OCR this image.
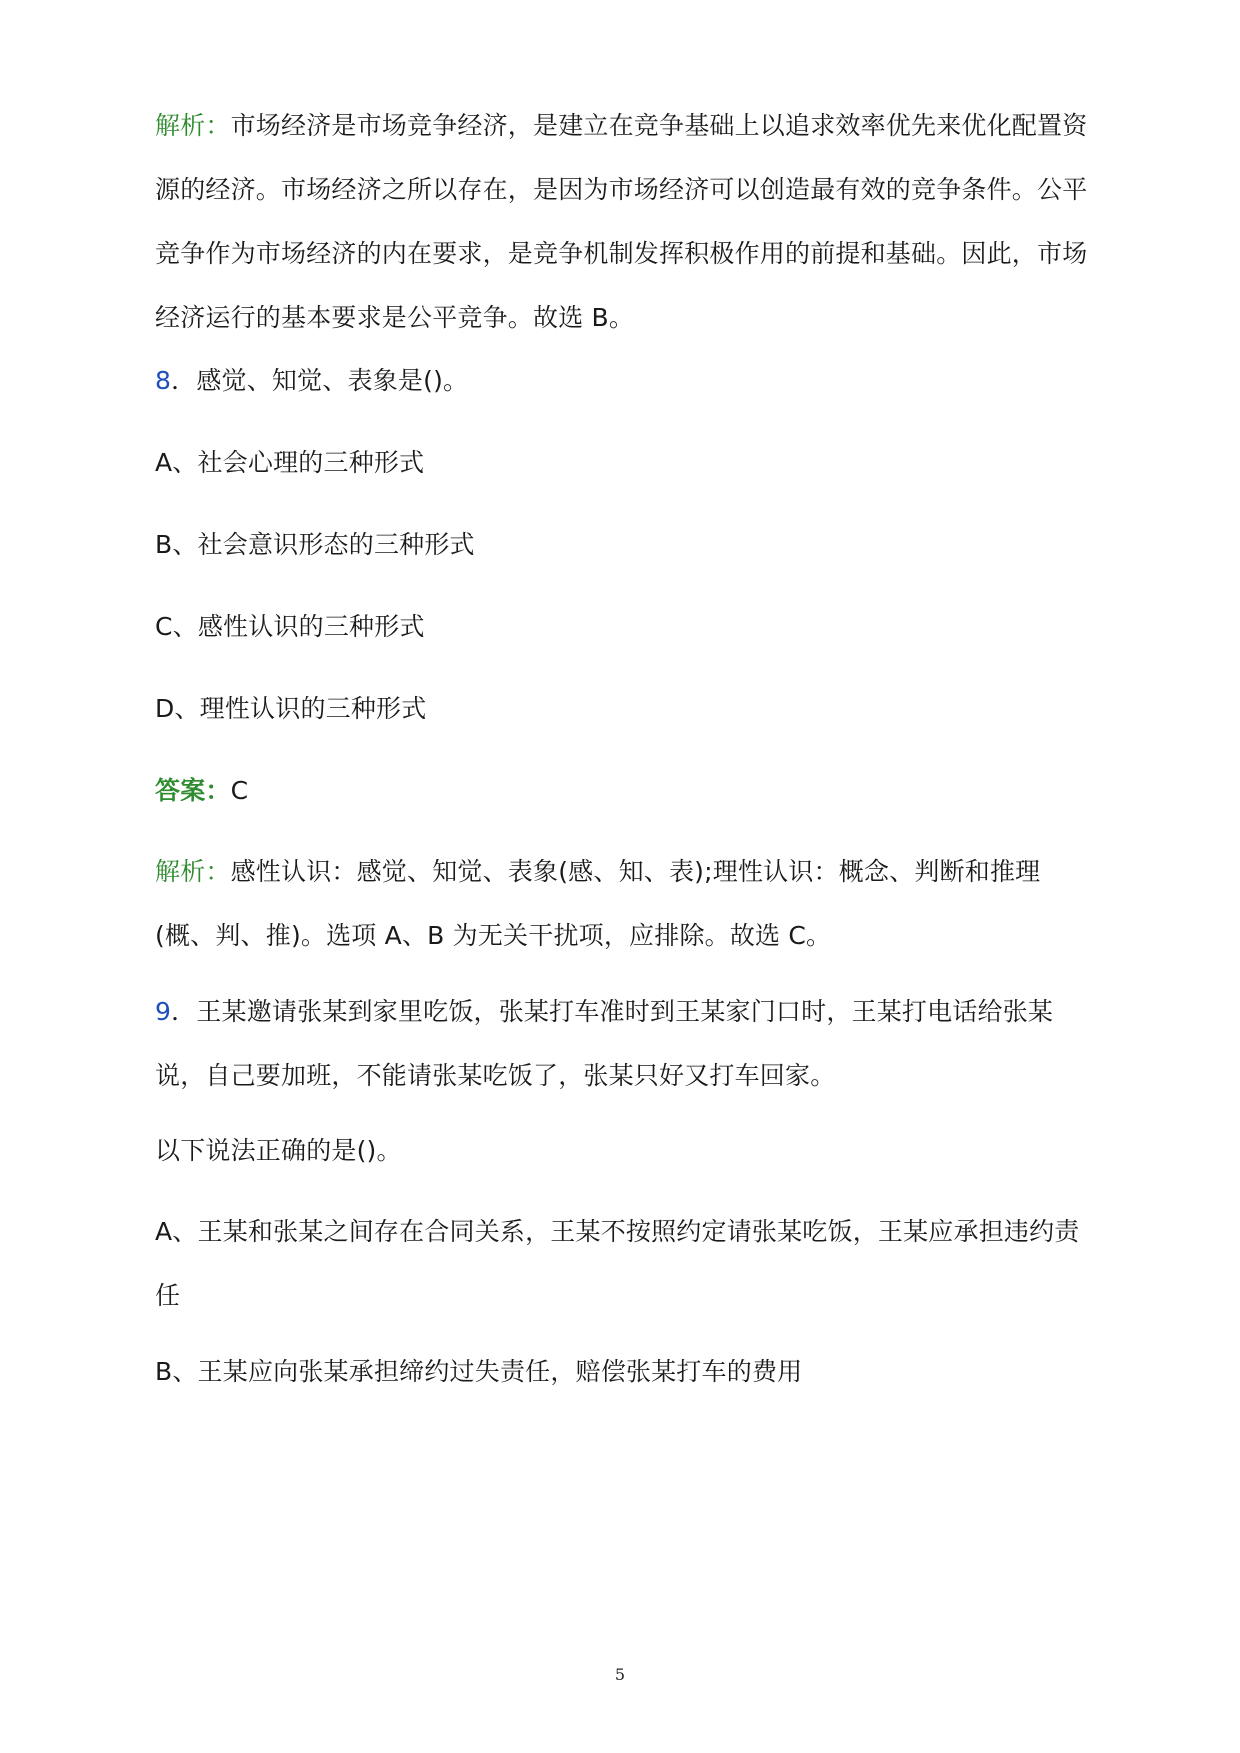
解析：市场经济是市场竞争经济，是建立在竞争基础上以追求效率优先来优化配置资源的经济。市场经济之所以存在，是因为市场经济可以创造最有效的竞争条件。公平竞争作为市场经济的内在要求，是竞争机制发挥积极作用的前提和基础。因此，市场经济运行的基本要求是公平竞争。故选 B。
8．感觉、知觉、表象是()。
A、社会心理的三种形式
B、社会意识形态的三种形式
C、感性认识的三种形式
D、理性认识的三种形式
答案：C
解析：感性认识：感觉、知觉、表象(感、知、表);理性认识：概念、判断和推理(概、判、推)。选项 A、B 为无关干扰项，应排除。故选 C。
9．王某邀请张某到家里吃饭，张某打车准时到王某家门口时，王某打电话给张某说，自己要加班，不能请张某吃饭了，张某只好又打车回家。
以下说法正确的是()。
A、王某和张某之间存在合同关系，王某不按照约定请张某吃饭，王某应承担违约责任
B、王某应向张某承担缔约过失责任，赔偿张某打车的费用
5
